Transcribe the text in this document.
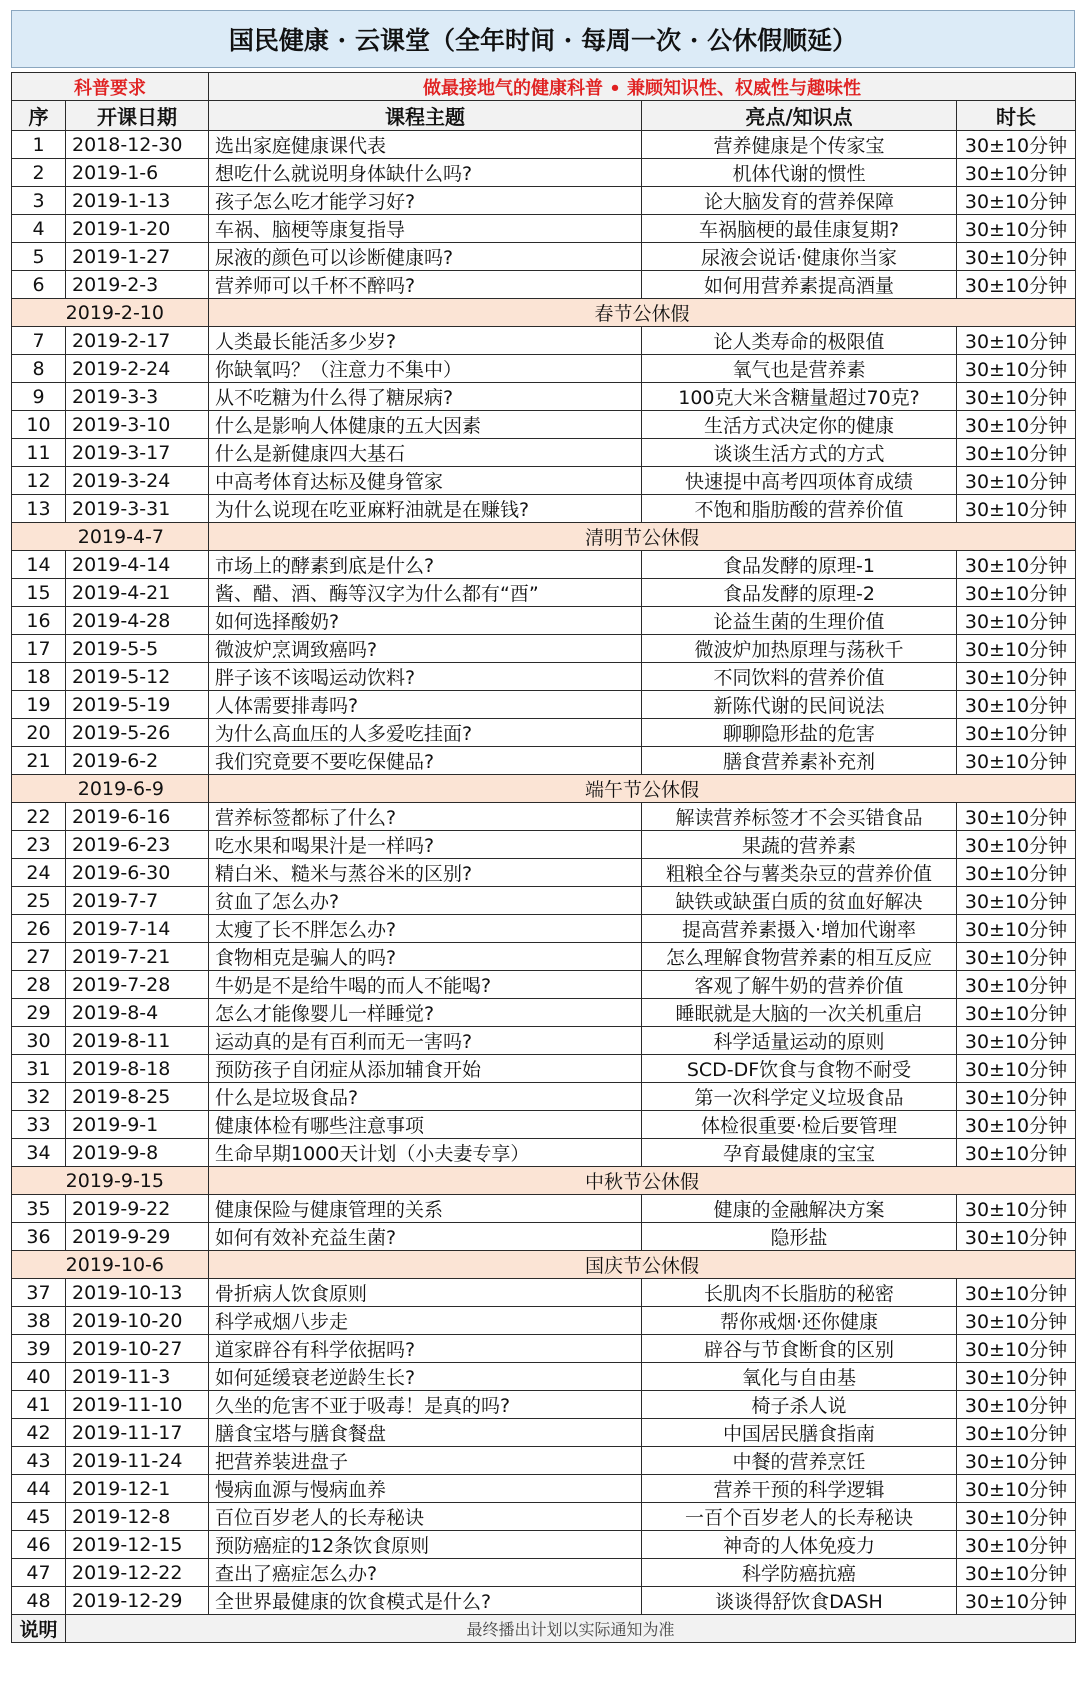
国民健康 · 云课堂（全年时间 · 每周一次 · 公休假顺延）
科普要求		做最接地气的健康科普 • 兼顾知识性、权威性与趣味性		
序	开课日期	课程主题	亮点/知识点	时长
1	2018-12-30	选出家庭健康课代表	营养健康是个传家宝	30±10分钟
2	2019-1-6	想吃什么就说明身体缺什么吗?	机体代谢的惯性	30±10分钟
3	2019-1-13	孩子怎么吃才能学习好?	论大脑发育的营养保障	30±10分钟
4	2019-1-20	车祸、脑梗等康复指导	车祸脑梗的最佳康复期?	30±10分钟
5	2019-1-27	尿液的颜色可以诊断健康吗?	尿液会说话·健康你当家	30±10分钟
6	2019-2-3	营养师可以千杯不醉吗?	如何用营养素提高酒量	30±10分钟
2019-2-10		春节公休假		
7	2019-2-17	人类最长能活多少岁?	论人类寿命的极限值	30±10分钟
8	2019-2-24	你缺氧吗？（注意力不集中）	氧气也是营养素	30±10分钟
9	2019-3-3	从不吃糖为什么得了糖尿病?	100克大米含糖量超过70克?	30±10分钟
10	2019-3-10	什么是影响人体健康的五大因素	生活方式决定你的健康	30±10分钟
11	2019-3-17	什么是新健康四大基石	谈谈生活方式的方式	30±10分钟
12	2019-3-24	中高考体育达标及健身管家	快速提中高考四项体育成绩	30±10分钟
13	2019-3-31	为什么说现在吃亚麻籽油就是在赚钱?	不饱和脂肪酸的营养价值	30±10分钟
2019-4-7		清明节公休假		
14	2019-4-14	市场上的酵素到底是什么?	食品发酵的原理-1	30±10分钟
15	2019-4-21	酱、醋、酒、酶等汉字为什么都有“酉”	食品发酵的原理-2	30±10分钟
16	2019-4-28	如何选择酸奶?	论益生菌的生理价值	30±10分钟
17	2019-5-5	微波炉烹调致癌吗?	微波炉加热原理与荡秋千	30±10分钟
18	2019-5-12	胖子该不该喝运动饮料?	不同饮料的营养价值	30±10分钟
19	2019-5-19	人体需要排毒吗?	新陈代谢的民间说法	30±10分钟
20	2019-5-26	为什么高血压的人多爱吃挂面?	聊聊隐形盐的危害	30±10分钟
21	2019-6-2	我们究竟要不要吃保健品?	膳食营养素补充剂	30±10分钟
2019-6-9		端午节公休假		
22	2019-6-16	营养标签都标了什么?	解读营养标签才不会买错食品	30±10分钟
23	2019-6-23	吃水果和喝果汁是一样吗?	果蔬的营养素	30±10分钟
24	2019-6-30	精白米、糙米与蒸谷米的区别?	粗粮全谷与薯类杂豆的营养价值	30±10分钟
25	2019-7-7	贫血了怎么办?	缺铁或缺蛋白质的贫血好解决	30±10分钟
26	2019-7-14	太瘦了长不胖怎么办?	提高营养素摄入·增加代谢率	30±10分钟
27	2019-7-21	食物相克是骗人的吗?	怎么理解食物营养素的相互反应	30±10分钟
28	2019-7-28	牛奶是不是给牛喝的而人不能喝?	客观了解牛奶的营养价值	30±10分钟
29	2019-8-4	怎么才能像婴儿一样睡觉?	睡眠就是大脑的一次关机重启	30±10分钟
30	2019-8-11	运动真的是有百利而无一害吗?	科学适量运动的原则	30±10分钟
31	2019-8-18	预防孩子自闭症从添加辅食开始	SCD-DF饮食与食物不耐受	30±10分钟
32	2019-8-25	什么是垃圾食品?	第一次科学定义垃圾食品	30±10分钟
33	2019-9-1	健康体检有哪些注意事项	体检很重要·检后要管理	30±10分钟
34	2019-9-8	生命早期1000天计划（小夫妻专享）	孕育最健康的宝宝	30±10分钟
2019-9-15		中秋节公休假		
35	2019-9-22	健康保险与健康管理的关系	健康的金融解决方案	30±10分钟
36	2019-9-29	如何有效补充益生菌?	隐形盐	30±10分钟
2019-10-6		国庆节公休假		
37	2019-10-13	骨折病人饮食原则	长肌肉不长脂肪的秘密	30±10分钟
38	2019-10-20	科学戒烟八步走	帮你戒烟·还你健康	30±10分钟
39	2019-10-27	道家辟谷有科学依据吗?	辟谷与节食断食的区别	30±10分钟
40	2019-11-3	如何延缓衰老逆龄生长?	氧化与自由基	30±10分钟
41	2019-11-10	久坐的危害不亚于吸毒！是真的吗?	椅子杀人说	30±10分钟
42	2019-11-17	膳食宝塔与膳食餐盘	中国居民膳食指南	30±10分钟
43	2019-11-24	把营养装进盘子	中餐的营养烹饪	30±10分钟
44	2019-12-1	慢病血源与慢病血养	营养干预的科学逻辑	30±10分钟
45	2019-12-8	百位百岁老人的长寿秘诀	一百个百岁老人的长寿秘诀	30±10分钟
46	2019-12-15	预防癌症的12条饮食原则	神奇的人体免疫力	30±10分钟
47	2019-12-22	查出了癌症怎么办?	科学防癌抗癌	30±10分钟
48	2019-12-29	全世界最健康的饮食模式是什么?	谈谈得舒饮食DASH	30±10分钟
说明	最终播出计划以实际通知为准			
